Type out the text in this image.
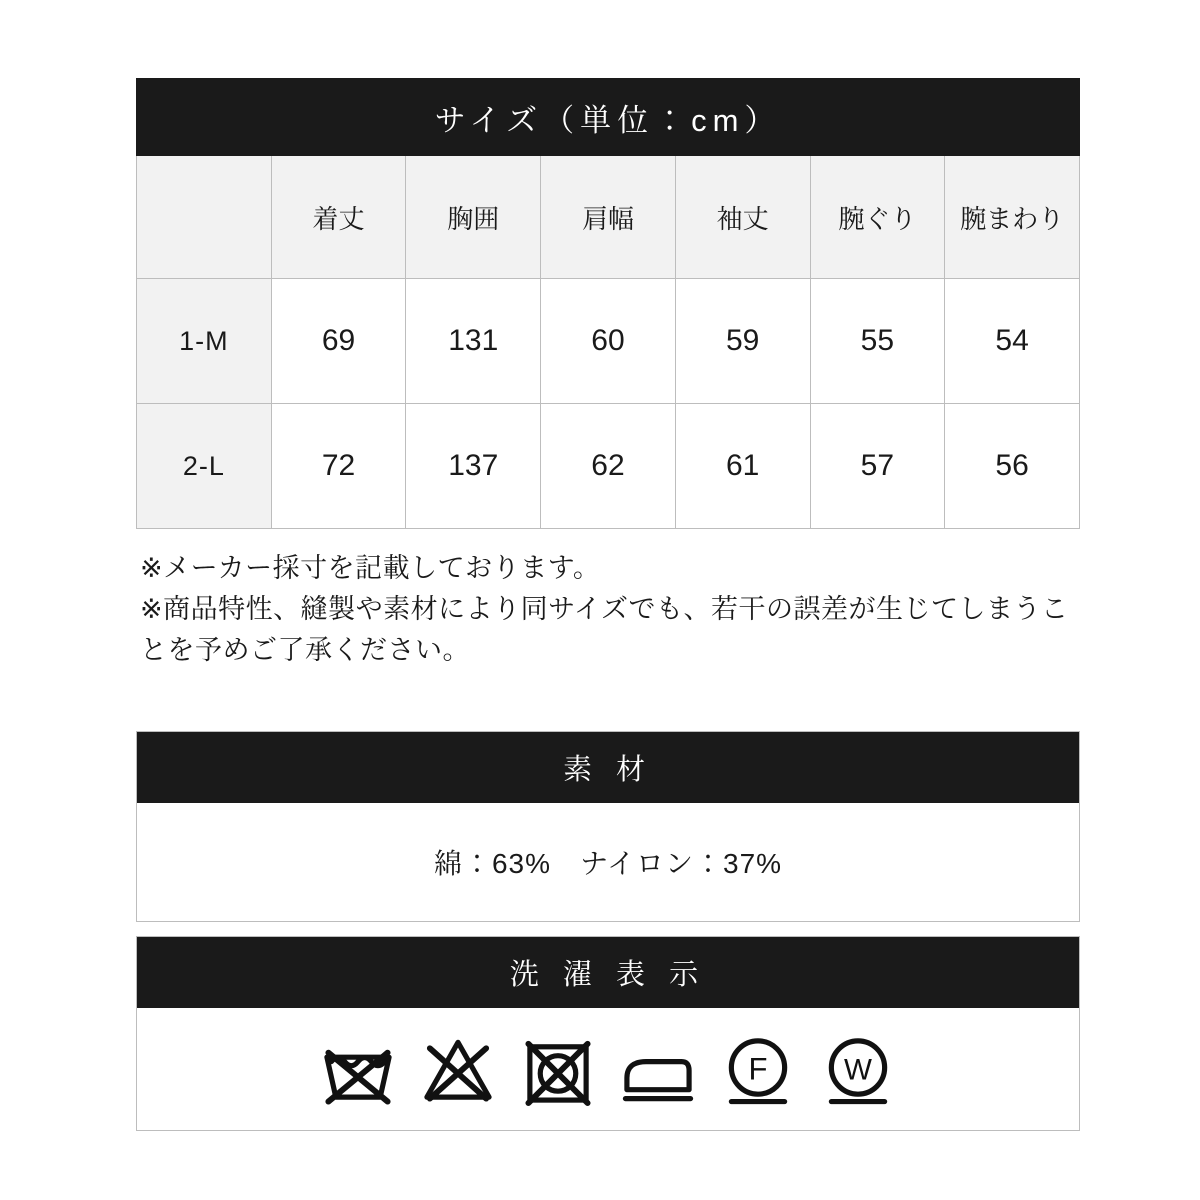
サイズ（単位：cm）						
	着丈	胸囲	肩幅	袖丈	腕ぐり	腕まわり
1-M	69	131	60	59	55	54
2-L	72	137	62	61	57	56

※メーカー採寸を記載しております。

※商品特性、縫製や素材により同サイズでも、若干の誤差が生じてしまうことを予めご了承ください。

素 材
綿：63%　ナイロン：37%
洗 濯 表 示
F W
